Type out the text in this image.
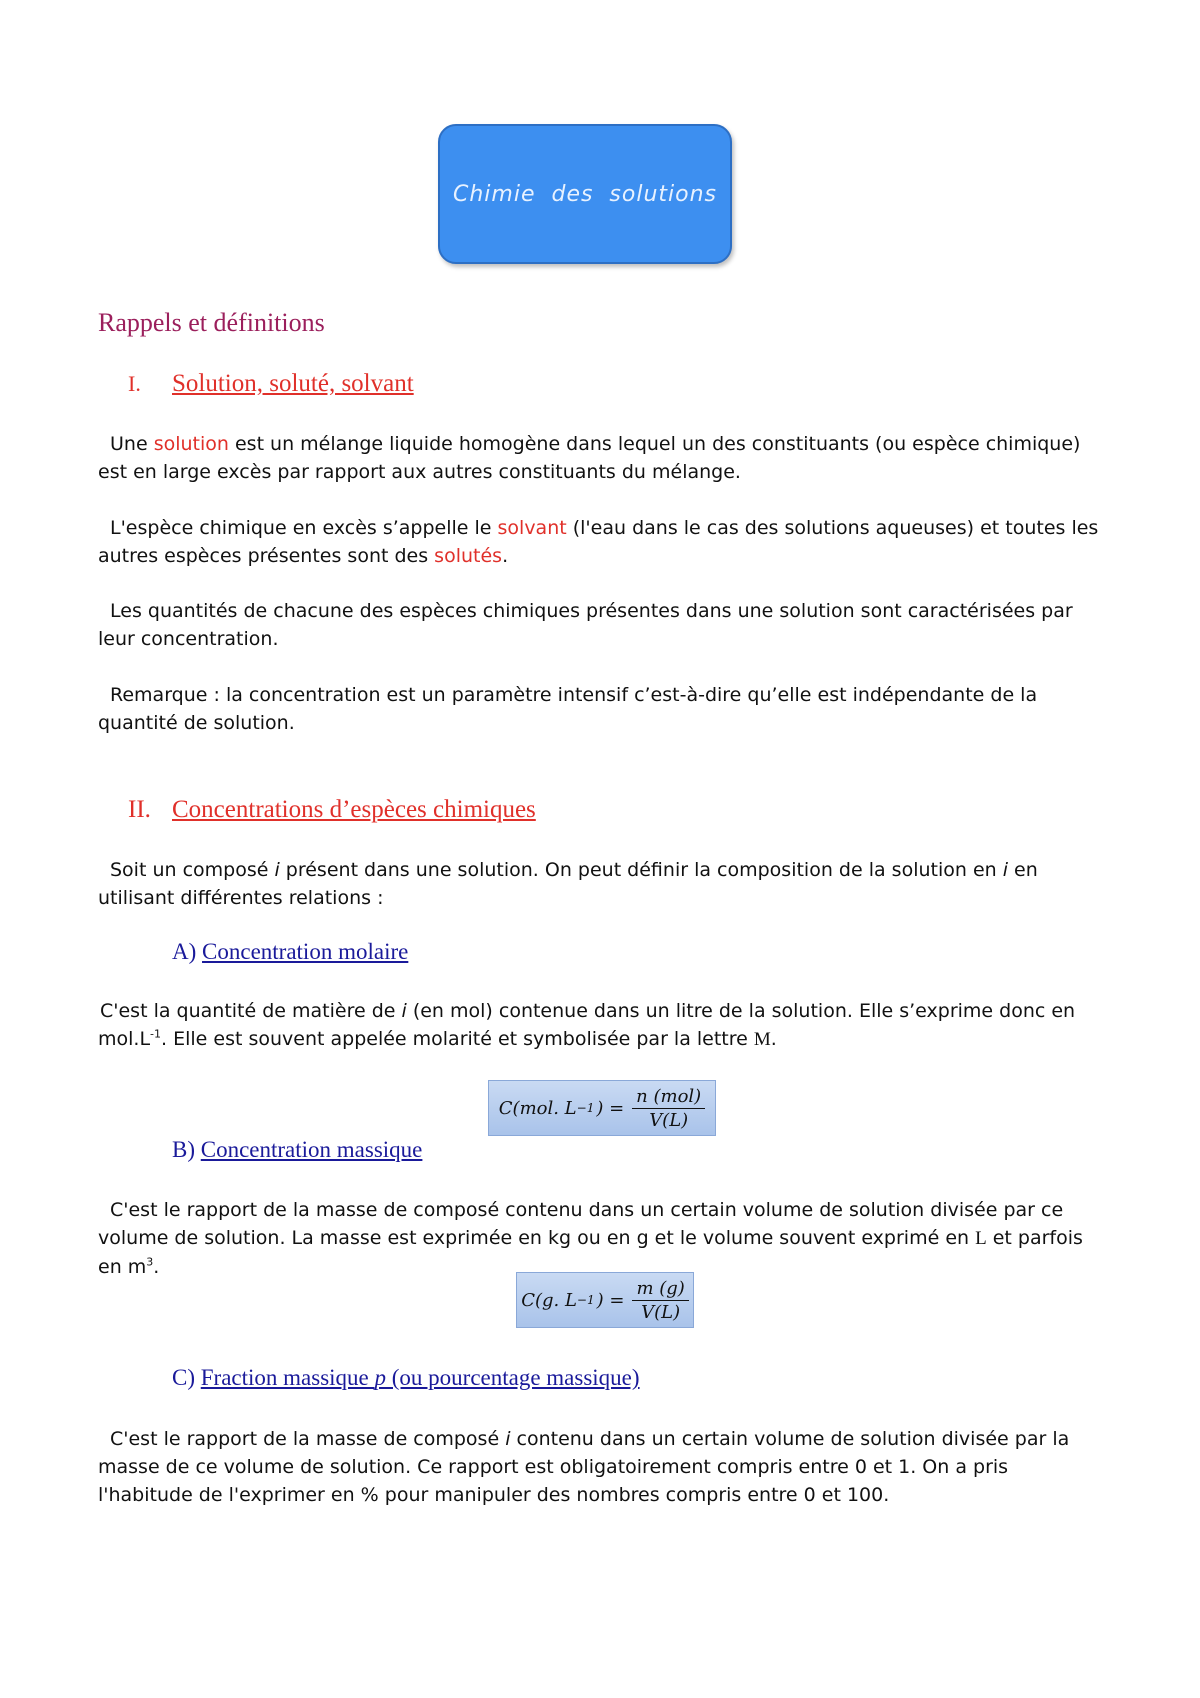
Chimie des solutions
Rappels et définitions
I. Solution, soluté, solvant

Une solution est un mélange liquide homogène dans lequel un des constituants (ou espèce chimique) est en large excès par rapport aux autres constituants du mélange.

L'espèce chimique en excès s’appelle le solvant (l'eau dans le cas des solutions aqueuses) et toutes les autres espèces présentes sont des solutés.

Les quantités de chacune des espèces chimiques présentes dans une solution sont caractérisées par leur concentration.

Remarque : la concentration est un paramètre intensif c’est-à-dire qu’elle est indépendante de la quantité de solution.

II. Concentrations d’espèces chimiques

Soit un composé i présent dans une solution. On peut définir la composition de la solution en i en utilisant différentes relations :

A) Concentration molaire

C'est la quantité de matière de i (en mol) contenue dans un litre de la solution. Elle s’exprime donc en $mol.L^{-1}$. Elle est souvent appelée molarité et symbolisée par la lettre M.

C(mol. L −1 ) = $\frac{\text{n (mol)}}{V(L)}$
B) Concentration massique

C'est le rapport de la masse de composé contenu dans un certain volume de solution divisée par ce volume de solution. La masse est exprimée en kg ou en g et le volume souvent exprimé en L et parfois en $m^3$.

C(g. L −1 ) = $\frac{m (g)}{V(L)}$
C) Fraction massique p (ou pourcentage massique)

C'est le rapport de la masse de composé i contenu dans un certain volume de solution divisée par la masse de ce volume de solution. Ce rapport est obligatoirement compris entre 0 et 1. On a pris l'habitude de l'exprimer en % pour manipuler des nombres compris entre 0 et 100.
